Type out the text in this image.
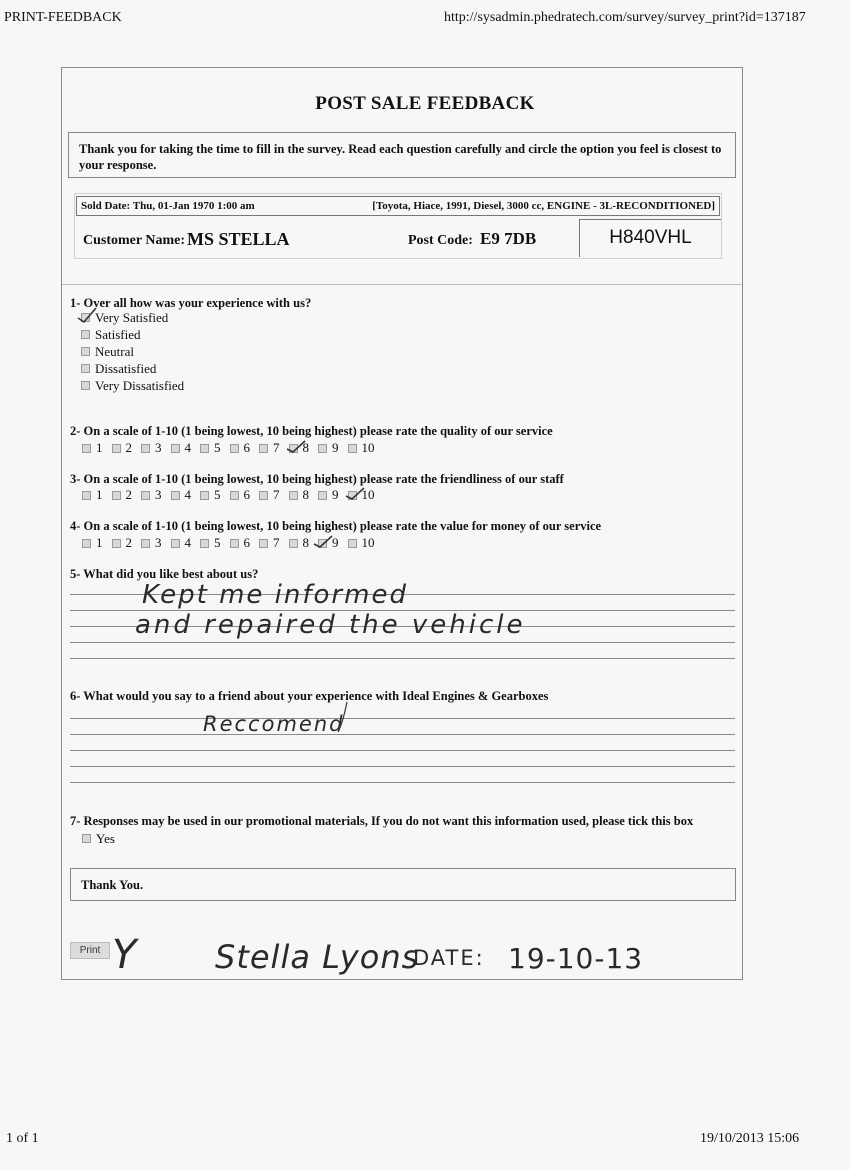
PRINT-FEEDBACK	http://sysadmin.phedratech.com/survey/survey_print?id=137187
POST SALE FEEDBACK
Thank you for taking the time to fill in the survey. Read each question carefully and circle the option you feel is closest to your response.
Sold Date: Thu, 01-Jan 1970 1:00 am	[Toyota, Hiace, 1991, Diesel, 3000 cc, ENGINE - 3L-RECONDITIONED]
Customer Name: MS STELLA	Post Code: E9 7DB	H840VHL
1- Over all how was your experience with us?
Very Satisfied
Satisfied
Neutral
Dissatisfied
Very Dissatisfied
2- On a scale of 1-10 (1 being lowest, 10 being highest) please rate the quality of our service
1 2 3 4 5 6 7 8 9 10
3- On a scale of 1-10 (1 being lowest, 10 being highest) please rate the friendliness of our staff
1 2 3 4 5 6 7 8 9 10
4- On a scale of 1-10 (1 being lowest, 10 being highest) please rate the value for money of our service
1 2 3 4 5 6 7 8 9 10
5- What did you like best about us?
Kept me informed
and repaired the vehicle
6- What would you say to a friend about your experience with Ideal Engines & Gearboxes
Reccomend
7- Responses may be used in our promotional materials, If you do not want this information used, please tick this box
Yes
Thank You.
Print Y Stella Lyons
DATE: 19-10-13
1 of 1	19/10/2013 15:06
